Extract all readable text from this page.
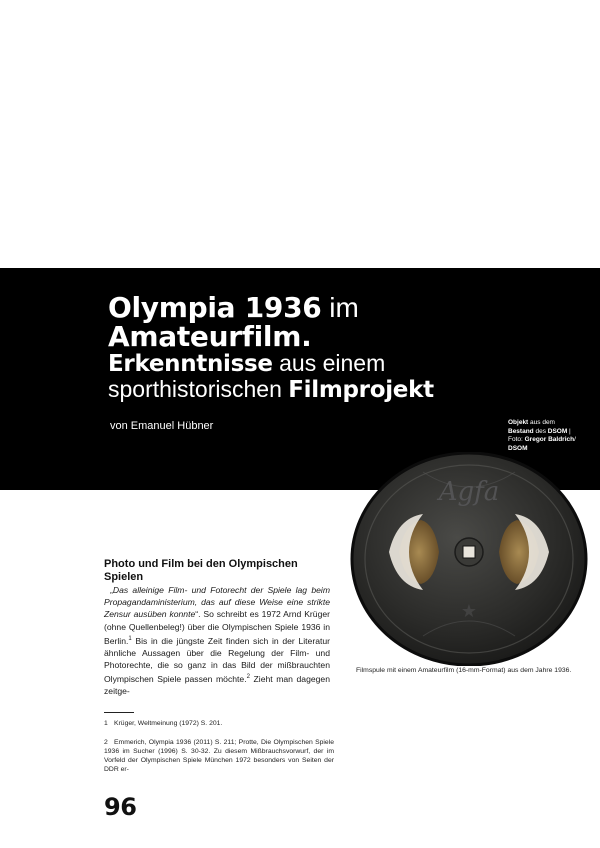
Olympia 1936 im
Amateurfilm.
Erkenntnisse aus einem
sporthistorischen Filmprojekt
von Emanuel Hübner	Objekt aus dem
Bestand des DSOM |
Foto: Gregor Baldrich/
DSOM
Agfa
★
Filmspule mit einem Amateurfilm (16-mm-Format) aus dem Jahre 1936.
Photo und Film bei den Olympischen Spielen

„Das alleinige Film- und Fotorecht der Spiele lag beim Propagandaministerium, das auf diese Weise eine strikte Zensur ausüben konnte“. So schreibt es 1972 Arnd Krüger (ohne Quellenbeleg!) über die Olympischen Spiele 1936 in Berlin.$^1$ Bis in die jüngste Zeit finden sich in der Literatur ähnliche Aussagen über die Regelung der Film- und Photorechte, die so ganz in das Bild der mißbrauchten Olympischen Spiele passen möchte.$^2$ Zieht man dagegen zeitge-

1 Krüger, Weltmeinung (1972) S. 201.
2 Emmerich, Olympia 1936 (2011) S. 211; Protte, Die Olympischen Spiele 1936 im Sucher (1996) S. 30-32. Zu diesem Mißbrauchsvorwurf, der im Vorfeld der Olympischen Spiele München 1972 besonders von Seiten der DDR er-
96
